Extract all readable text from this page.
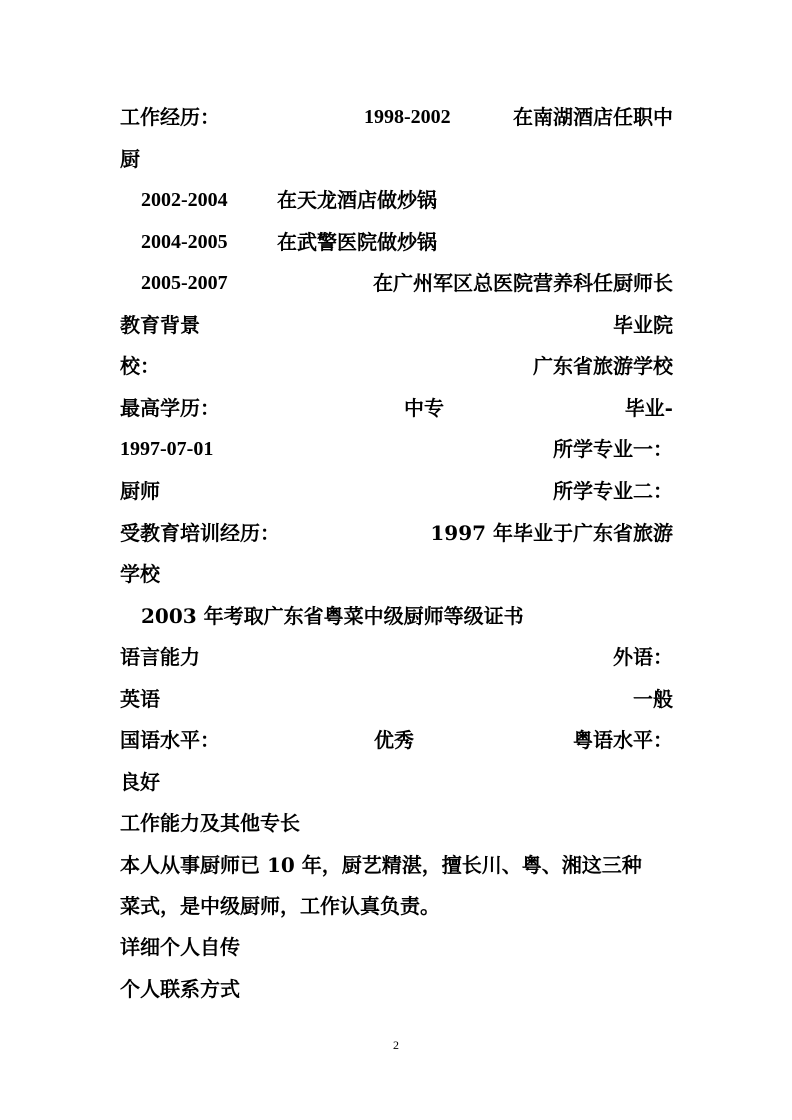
工作经历：	1998-2002	在南湖酒店任职中
厨
2002-2004 在天龙酒店做炒锅
2004-2005 在武警医院做炒锅
2005-2007	在广州军区总医院营养科任厨师长
教育背景	毕业院
校：	广东省旅游学校
最高学历：	中专	毕业-
1997-07-01	所学专业一：
厨师	所学专业二：
受教育培训经历：	1997 年毕业于广东省旅游
学校
2003 年考取广东省粤菜中级厨师等级证书
语言能力	外语：
英语	一般
国语水平：	优秀	粤语水平：
良好
工作能力及其他专长
本人从事厨师已 10 年，厨艺精湛，擅长川、粤、湘这三种
菜式，是中级厨师，工作认真负责。
详细个人自传
个人联系方式
2
